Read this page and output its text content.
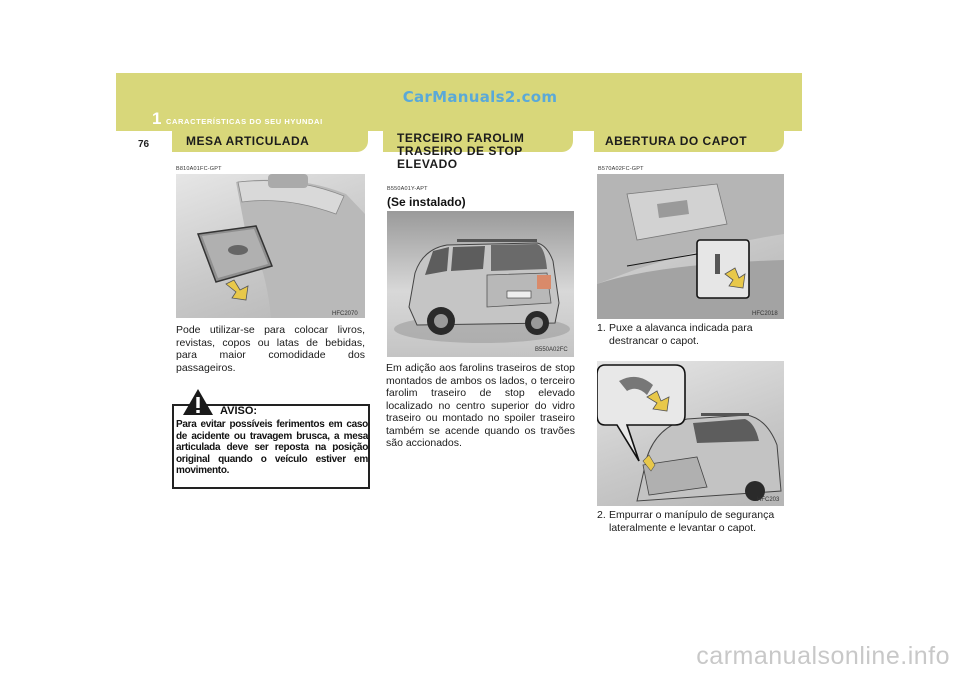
CarManuals2.com
1 CARACTERÍSTICAS DO SEU HYUNDAI
76	MESA ARTICULADA	TERCEIRO FAROLIM
TRASEIRO DE STOP
ELEVADO
ABERTURA DO CAPOT
B810A01FC-GPT
HFC2070
Pode utilizar-se para colocar livros, revistas, copos ou latas de bebidas, para maior comodidade dos passageiros.
AVISO:
Para evitar possíveis ferimentos em caso de acidente ou travagem brusca, a mesa articulada deve ser reposta na posição original quando o veículo estiver em movimento.
B550A01Y-APT
(Se instalado)
B550A02FC
Em adição aos farolins traseiros de stop montados de ambos os lados, o terceiro farolim traseiro de stop elevado localizado no centro superior do vidro traseiro ou montado no spoiler traseiro também se acende quando os travões são accionados.
B570A02FC-GPT
HFC2018
1. Puxe a alavanca indicada para destrancar o capot.
HFC203
2. Empurrar o manípulo de segurança lateralmente e levantar o capot.
carmanualsonline.info
